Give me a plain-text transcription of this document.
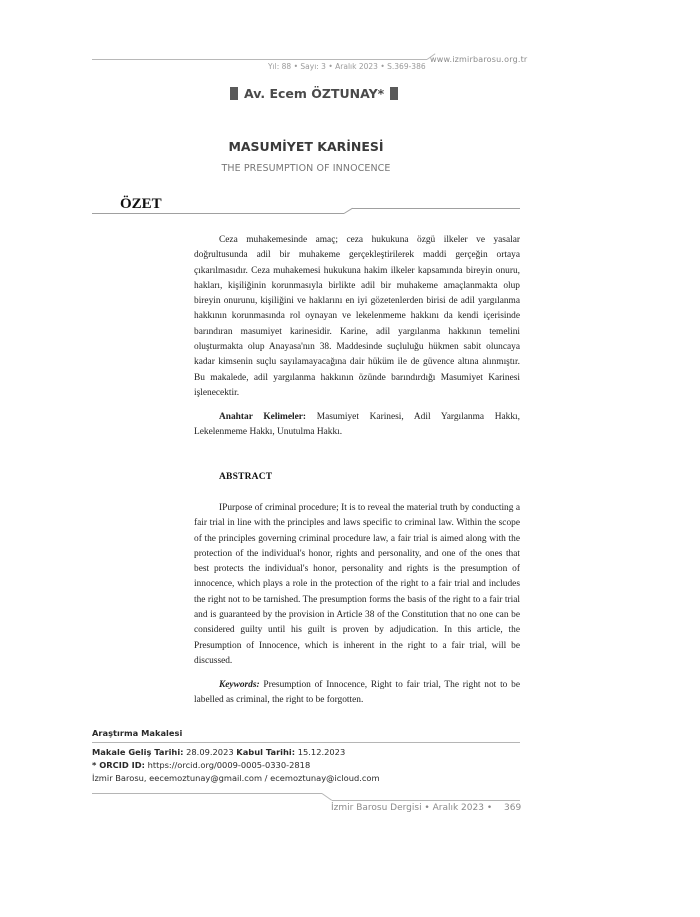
www.izmirbarosu.org.tr
Yıl: 88 • Sayı: 3 • Aralık 2023 • S.369-386
Av. Ecem ÖZTUNAY*
MASUMİYET KARİNESİ
THE PRESUMPTION OF INNOCENCE
ÖZET

Ceza muhakemesinde amaç; ceza hukukuna özgü ilkeler ve yasalar doğrultusunda adil bir muhakeme gerçekleştirilerek maddi gerçeğin ortaya çıkarılmasıdır. Ceza muhakemesi hukukuna hakim ilkeler kapsamında bireyin onuru, hakları, kişiliğinin korunmasıyla birlikte adil bir muhakeme amaçlanmakta olup bireyin onurunu, kişiliğini ve haklarını en iyi gözetenlerden birisi de adil yargılanma hakkının korunmasında rol oynayan ve lekelenmeme hakkını da kendi içerisinde barındıran masumiyet karinesidir. Karine, adil yargılanma hakkının temelini oluşturmakta olup Anayasa'nın 38. Maddesinde suçluluğu hükmen sabit oluncaya kadar kimsenin suçlu sayılamayacağına dair hüküm ile de güvence altına alınmıştır. Bu makalede, adil yargılanma hakkının özünde barındırdığı Masumiyet Karinesi işlenecektir.

Anahtar Kelimeler: Masumiyet Karinesi, Adil Yargılanma Hakkı, Lekelenmeme Hakkı, Unutulma Hakkı.

ABSTRACT

IPurpose of criminal procedure; It is to reveal the material truth by conducting a fair trial in line with the principles and laws specific to criminal law. Within the scope of the principles governing criminal procedure law, a fair trial is aimed along with the protection of the individual's honor, rights and personality, and one of the ones that best protects the individual's honor, personality and rights is the presumption of innocence, which plays a role in the protection of the right to a fair trial and includes the right not to be tarnished. The presumption forms the basis of the right to a fair trial and is guaranteed by the provision in Article 38 of the Constitution that no one can be considered guilty until his guilt is proven by adjudication. In this article, the Presumption of Innocence, which is inherent in the right to a fair trial, will be discussed.

Keywords: Presumption of Innocence, Right to fair trial, The right not to be labelled as criminal, the right to be forgotten.

Araştırma Makalesi
Makale Geliş Tarihi: 28.09.2023 Kabul Tarihi: 15.12.2023
* ORCID ID: https://orcid.org/0009-0005-0330-2818
İzmir Barosu, eecemoztunay@gmail.com / ecemoztunay@icloud.com
İzmir Barosu Dergisi • Aralık 2023 • 369
